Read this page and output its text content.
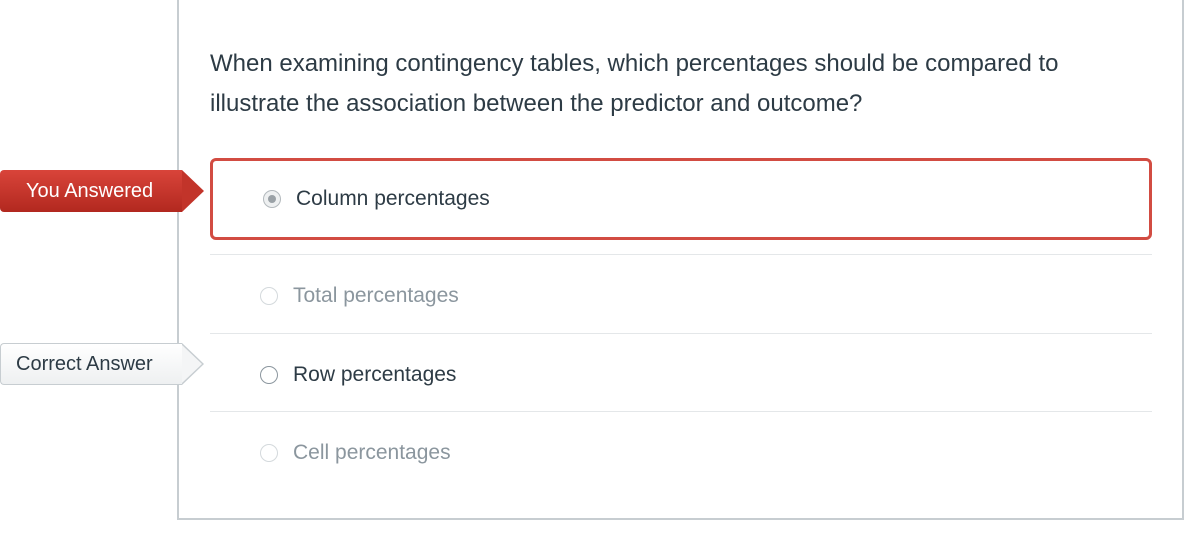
When examining contingency tables, which percentages should be compared to illustrate the association between the predictor and outcome?
You Answered
Correct Answer
Column percentages
Total percentages
Row percentages
Cell percentages
